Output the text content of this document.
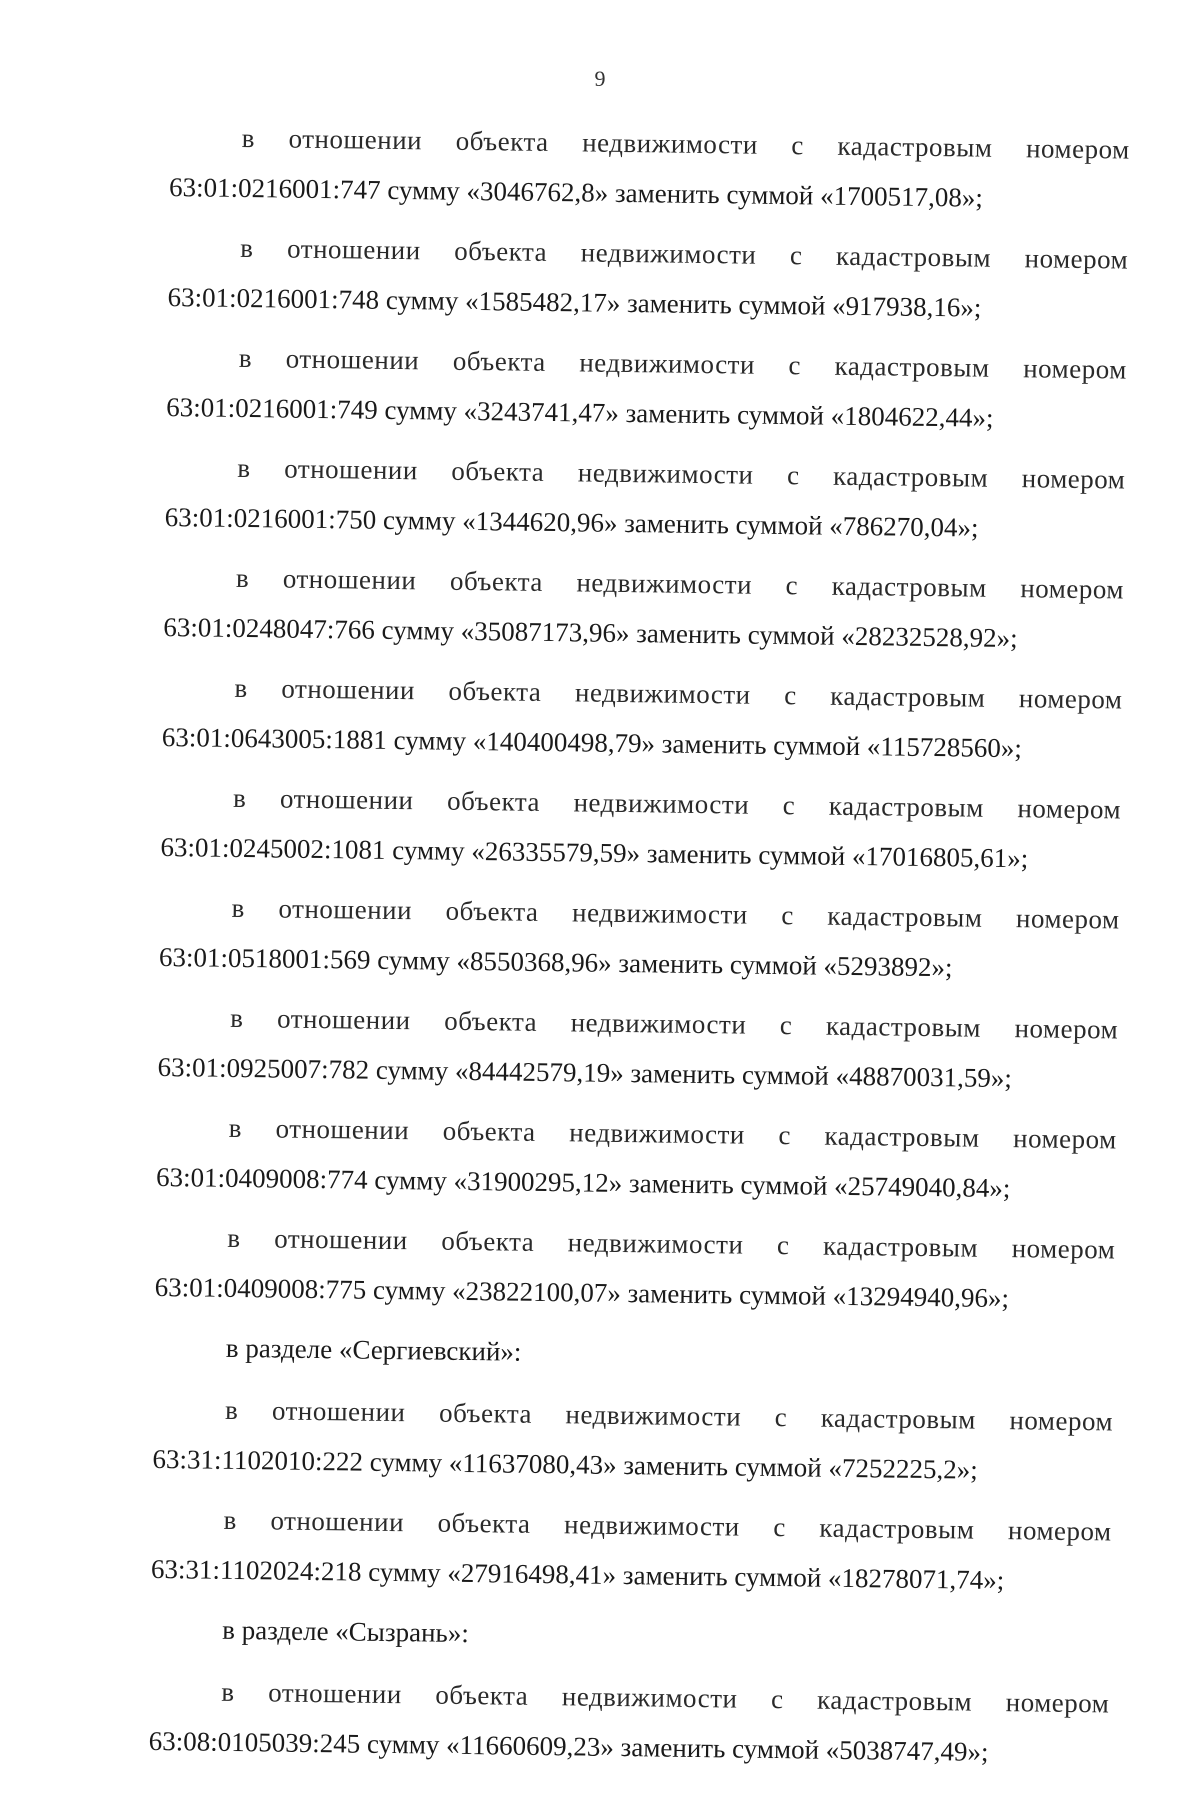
9
в отношении объекта недвижимости с кадастровым номером
63:01:0216001:747 сумму «3046762,8» заменить суммой «1700517,08»;
в отношении объекта недвижимости с кадастровым номером
63:01:0216001:748 сумму «1585482,17» заменить суммой «917938,16»;
в отношении объекта недвижимости с кадастровым номером
63:01:0216001:749 сумму «3243741,47» заменить суммой «1804622,44»;
в отношении объекта недвижимости с кадастровым номером
63:01:0216001:750 сумму «1344620,96» заменить суммой «786270,04»;
в отношении объекта недвижимости с кадастровым номером
63:01:0248047:766 сумму «35087173,96» заменить суммой «28232528,92»;
в отношении объекта недвижимости с кадастровым номером
63:01:0643005:1881 сумму «140400498,79» заменить суммой «115728560»;
в отношении объекта недвижимости с кадастровым номером
63:01:0245002:1081 сумму «26335579,59» заменить суммой «17016805,61»;
в отношении объекта недвижимости с кадастровым номером
63:01:0518001:569 сумму «8550368,96» заменить суммой «5293892»;
в отношении объекта недвижимости с кадастровым номером
63:01:0925007:782 сумму «84442579,19» заменить суммой «48870031,59»;
в отношении объекта недвижимости с кадастровым номером
63:01:0409008:774 сумму «31900295,12» заменить суммой «25749040,84»;
в отношении объекта недвижимости с кадастровым номером
63:01:0409008:775 сумму «23822100,07» заменить суммой «13294940,96»;
в разделе «Сергиевский»:
в отношении объекта недвижимости с кадастровым номером
63:31:1102010:222 сумму «11637080,43» заменить суммой «7252225,2»;
в отношении объекта недвижимости с кадастровым номером
63:31:1102024:218 сумму «27916498,41» заменить суммой «18278071,74»;
в разделе «Сызрань»:
в отношении объекта недвижимости с кадастровым номером
63:08:0105039:245 сумму «11660609,23» заменить суммой «5038747,49»;
